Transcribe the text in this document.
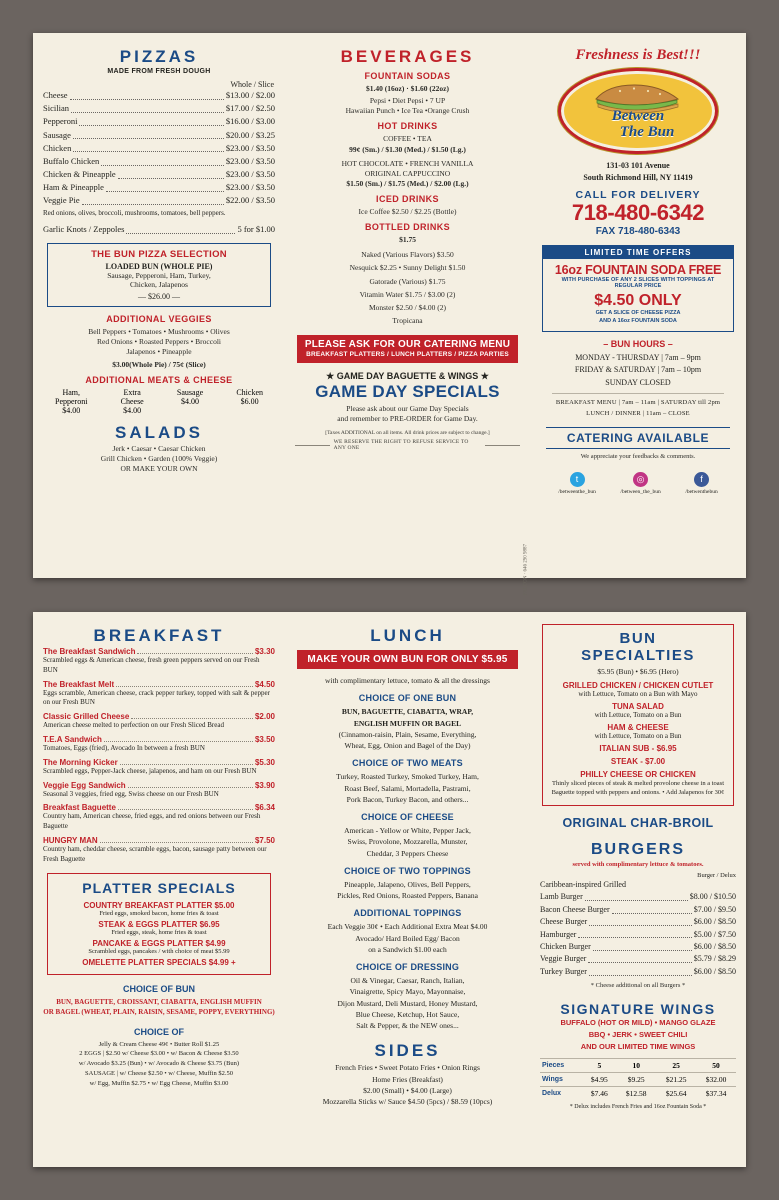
PIZZAS
MADE FROM FRESH DOUGH
Whole / Slice
Cheese	$13.00 / $2.00
Sicilian	$17.00 / $2.50
Pepperoni	$16.00 / $3.00
Sausage	$20.00 / $3.25
Chicken	$23.00 / $3.50
Buffalo Chicken	$23.00 / $3.50
Chicken & Pineapple	$23.00 / $3.50
Ham & Pineapple	$23.00 / $3.50
Veggie Pie	$22.00 / $3.50
Red onions, olives, broccoli, mushrooms, tomatoes, bell peppers.
Garlic Knots / Zeppoles	5 for $1.00
THE BUN PIZZA SELECTION
LOADED BUN (WHOLE PIE)
Sausage, Pepperoni, Ham, Turkey,
Chicken, Jalapenos
— $26.00 —
ADDITIONAL VEGGIES
Bell Peppers • Tomatoes • Mushrooms • Olives
Red Onions • Roasted Peppers • Broccoli
Jalapenos • Pineapple
$3.00(Whole Pie) / 75¢ (Slice)
ADDITIONAL MEATS & CHEESE
Ham,
Pepperoni
$4.00
Extra
Cheese
$4.00
Sausage
$4.00
Chicken
$6.00
SALADS
Jerk • Caesar • Caesar Chicken
Grill Chicken • Garden (100% Veggie)
OR MAKE YOUR OWN
BEVERAGES
FOUNTAIN SODAS
$1.40 (16oz) · $1.60 (22oz)
Pepsi • Diet Pepsi • 7 UP
Hawaiian Punch • Ice Tea •Orange Crush
HOT DRINKS
COFFEE • TEA
99¢ (Sm.) / $1.30 (Med.) / $1.50 (Lg.)
HOT CHOCOLATE • FRENCH VANILLA
ORIGINAL CAPPUCCINO
$1.50 (Sm.) / $1.75 (Med.) / $2.00 (Lg.)
ICED DRINKS
Ice Coffee $2.50 / $2.25 (Bottle)
BOTTLED DRINKS
$1.75
Naked (Various Flavors) $3.50
Nesquick $2.25 • Sunny Delight $1.50
Gatorade (Various) $1.75
Vitamin Water $1.75 / $3.00 (2)
Monster $2.50 / $4.00 (2)
Tropicana
PLEASE ASK FOR OUR CATERING MENU
BREAKFAST PLATTERS / LUNCH PLATTERS / PIZZA PARTIES
★ GAME DAY BAGUETTE & WINGS ★
GAME DAY SPECIALS
Please ask about our Game Day Specials
and remember to PRE-ORDER for Game Day.
[Taxes ADDITIONAL on all items. All drink prices are subject to change.]
WE RESERVE THE RIGHT TO REFUSE SERVICE TO ANY ONE
FALCON · 646 290 9887
Freshness is Best!!!
Between
The Bun
131-03 101 Avenue
South Richmond Hill, NY 11419
CALL FOR DELIVERY
718-480-6342
FAX 718-480-6343
LIMITED TIME OFFERS
16oz FOUNTAIN SODA FREE
WITH PURCHASE OF ANY 2 SLICES WITH TOPPINGS AT REGULAR PRICE
$4.50 ONLY
GET A SLICE OF CHEESE PIZZA
AND A 16oz FOUNTAIN SODA
– BUN HOURS –
MONDAY - THURSDAY | 7am – 9pm
FRIDAY & SATURDAY | 7am – 10pm
SUNDAY CLOSED
BREAKFAST MENU | 7am – 11am | SATURDAY till 2pm
LUNCH / DINNER | 11am – CLOSE
CATERING AVAILABLE
We appreciate your feedbacks & comments.
t
/betweenthe_bun
◎
/between_the_bun
f
/betwenthebun
BREAKFAST
The Breakfast Sandwich	$3.30
Scrambled eggs & American cheese, fresh green peppers served on our Fresh BUN
The Breakfast Melt	$4.50
Eggs scramble, American cheese, crack pepper turkey, topped with salt & pepper on our Fresh BUN
Classic Grilled Cheese	$2.00
American cheese melted to perfection on our Fresh Sliced Bread
T.E.A Sandwich	$3.50
Tomatoes, Eggs (fried), Avocado In between a fresh BUN
The Morning Kicker	$5.30
Scrambled eggs, Pepper-Jack cheese, jalapenos, and ham on our Fresh BUN
Veggie Egg Sandwich	$3.90
Seasonal 3 veggies, fried egg, Swiss cheese on our Fresh BUN
Breakfast Baguette	$6.34
Country ham, American cheese, fried eggs, and red onions between our Fresh Baguette
HUNGRY MAN	$7.50
Country ham, cheddar cheese, scramble eggs, bacon, sausage patty between our Fresh Baguette
PLATTER SPECIALS
COUNTRY BREAKFAST PLATTER $5.00
Fried eggs, smoked bacon, home fries & toast
STEAK & EGGS PLATTER $6.95
Fried eggs, steak, home fries & toast
PANCAKE & EGGS PLATTER $4.99
Scrambled eggs, pancakes / with choice of meat $5.99
OMELETTE PLATTER SPECIALS $4.99 +
CHOICE OF BUN
BUN, BAGUETTE, CROISSANT, CIABATTA, ENGLISH MUFFIN
OR BAGEL (WHEAT, PLAIN, RAISIN, SESAME, POPPY, EVERYTHING)
CHOICE OF
Jelly & Cream Cheese 49¢ • Butter Roll $1.25
2 EGGS | $2.50 w/ Cheese $3.00 • w/ Bacon & Cheese $3.50
w/ Avocado $3.25 (Bun) • w/ Avocado & Cheese $3.75 (Bun)
SAUSAGE | w/ Cheese $2.50 • w/ Cheese, Muffin $2.50
w/ Egg, Muffin $2.75 • w/ Egg Cheese, Muffin $3.00
LUNCH
MAKE YOUR OWN BUN FOR ONLY $5.95
with complimentary lettuce, tomato & all the dressings
CHOICE OF ONE BUN
BUN, BAGUETTE, CIABATTA, WRAP,
ENGLISH MUFFIN OR BAGEL
(Cinnamon-raisin, Plain, Sesame, Everything,
Wheat, Egg, Onion and Bagel of the Day)
CHOICE OF TWO MEATS
Turkey, Roasted Turkey, Smoked Turkey, Ham,
Roast Beef, Salami, Mortadella, Pastrami,
Pork Bacon, Turkey Bacon, and others...
CHOICE OF CHEESE
American - Yellow or White, Pepper Jack,
Swiss, Provolone, Mozzarella, Munster,
Cheddar, 3 Peppers Cheese
CHOICE OF TWO TOPPINGS
Pineapple, Jalapeno, Olives, Bell Peppers,
Pickles, Red Onions, Roasted Peppers, Banana
ADDITIONAL TOPPINGS
Each Veggie 30¢ • Each Additional Extra Meat $4.00
Avocado/ Hard Boiled Egg/ Bacon
on a Sandwich $1.00 each
CHOICE OF DRESSING
Oil & Vinegar, Caesar, Ranch, Italian,
Vinaigrette, Spicy Mayo, Mayonnaise,
Dijon Mustard, Deli Mustard, Honey Mustard,
Blue Cheese, Ketchup, Hot Sauce,
Salt & Pepper, & the NEW ones...
SIDES
French Fries • Sweet Potato Fries • Onion Rings
Home Fries (Breakfast)
$2.00 (Small) • $4.00 (Large)
Mozzarella Sticks w/ Sauce $4.50 (5pcs) / $8.59 (10pcs)
BUN
SPECIALTIES
$5.95 (Bun) • $6.95 (Hero)
GRILLED CHICKEN / CHICKEN CUTLET
with Lettuce, Tomato on a Bun with Mayo
TUNA SALAD
with Lettuce, Tomato on a Bun
HAM & CHEESE
with Lettuce, Tomato on a Bun
ITALIAN SUB - $6.95
STEAK - $7.00
PHILLY CHEESE OR CHICKEN
Thinly sliced pieces of steak & melted provolone cheese in a toast Baguette topped with peppers and onions. • Add Jalapenos for 30¢
ORIGINAL CHAR-BROIL
BURGERS
served with complimentary lettuce & tomatoes.
Burger / Delux
Caribbean-inspired Grilled
Lamb Burger	$8.00 / $10.50
Bacon Cheese Burger	$7.00 / $9.50
Cheese Burger	$6.00 / $8.50
Hamburger	$5.00 / $7.50
Chicken Burger	$6.00 / $8.50
Veggie Burger	$5.79 / $8.29
Turkey Burger	$6.00 / $8.50
* Cheese additional on all Burgers *
SIGNATURE WINGS
BUFFALO (HOT OR MILD) • MANGO GLAZE
BBQ • JERK • SWEET CHILI
AND OUR LIMITED TIME WINGS
Pieces	5	10	25	50
Wings	$4.95	$9.25	$21.25	$32.00
Delux	$7.46	$12.58	$25.64	$37.34
* Delux includes French Fries and 16oz Fountain Soda *
